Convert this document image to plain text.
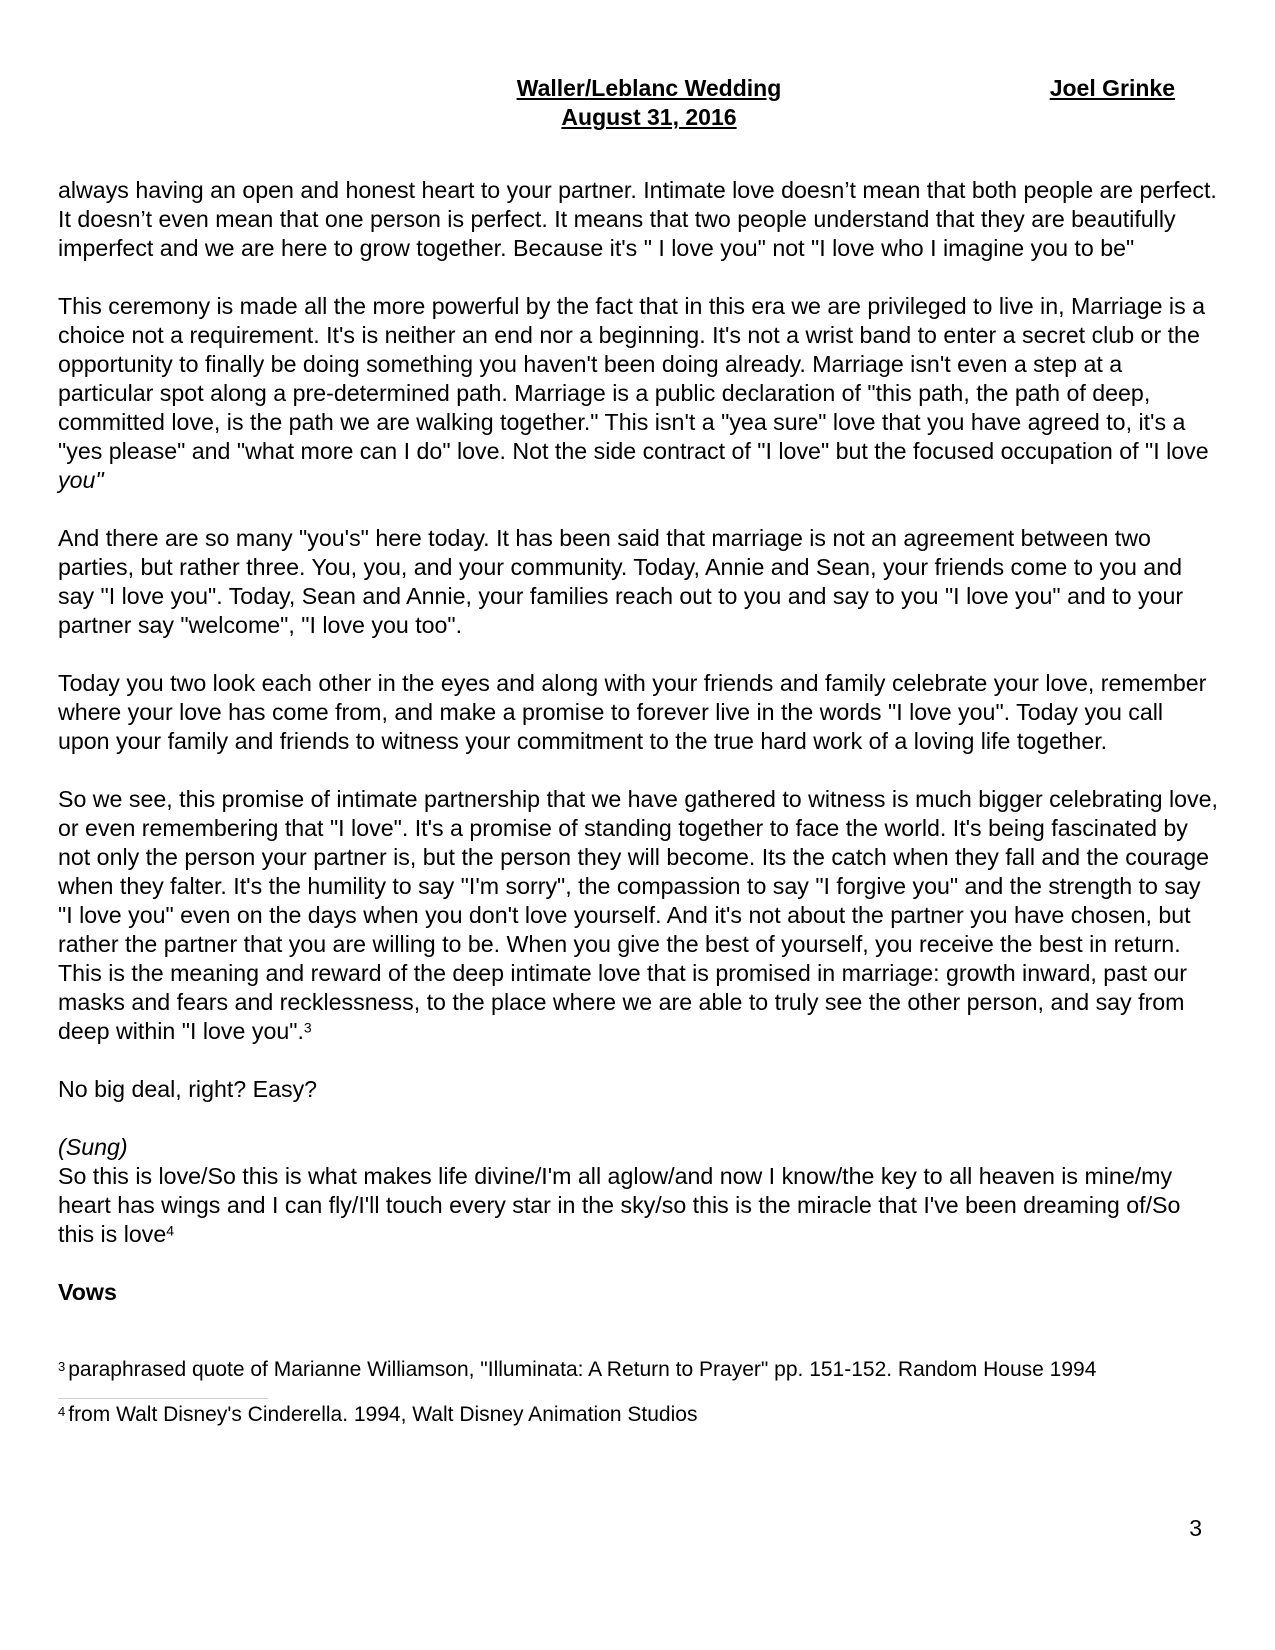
Waller/Leblanc Wedding
August 31, 2016
Joel Grinke

always having an open and honest heart to your partner. Intimate love doesn’t mean that both people are perfect. It doesn’t even mean that one person is perfect. It means that two people understand that they are beautifully imperfect and we are here to grow together. Because it's " I love you" not "I love who I imagine you to be"

This ceremony is made all the more powerful by the fact that in this era we are privileged to live in, Marriage is a choice not a requirement. It's is neither an end nor a beginning. It's not a wrist band to enter a secret club or the opportunity to finally be doing something you haven't been doing already. Marriage isn't even a step at a particular spot along a pre-determined path. Marriage is a public declaration of "this path, the path of deep, committed love, is the path we are walking together." This isn't a "yea sure" love that you have agreed to, it's a "yes please" and "what more can I do" love. Not the side contract of "I love" but the focused occupation of "I love you"

And there are so many "you's" here today. It has been said that marriage is not an agreement between two parties, but rather three. You, you, and your community. Today, Annie and Sean, your friends come to you and say "I love you". Today, Sean and Annie, your families reach out to you and say to you "I love you" and to your partner say "welcome", "I love you too".

Today you two look each other in the eyes and along with your friends and family celebrate your love, remember where your love has come from, and make a promise to forever live in the words "I love you". Today you call upon your family and friends to witness your commitment to the true hard work of a loving life together.

So we see, this promise of intimate partnership that we have gathered to witness is much bigger celebrating love, or even remembering that "I love". It's a promise of standing together to face the world. It's being fascinated by not only the person your partner is, but the person they will become. Its the catch when they fall and the courage when they falter. It's the humility to say "I'm sorry", the compassion to say "I forgive you" and the strength to say "I love you" even on the days when you don't love yourself. And it's not about the partner you have chosen, but rather the partner that you are willing to be. When you give the best of yourself, you receive the best in return. This is the meaning and reward of the deep intimate love that is promised in marriage: growth inward, past our masks and fears and recklessness, to the place where we are able to truly see the other person, and say from deep within "I love you".$^3$

No big deal, right? Easy?

(Sung)

So this is love/So this is what makes life divine/I'm all aglow/and now I know/the key to all heaven is mine/my heart has wings and I can fly/I'll touch every star in the sky/so this is the miracle that I've been dreaming of/So this is love$^4$

Vows

$^3$ paraphrased quote of Marianne Williamson, "Illuminata: A Return to Prayer" pp. 151-152. Random House 1994
$^4$ from Walt Disney's Cinderella. 1994, Walt Disney Animation Studios
3
